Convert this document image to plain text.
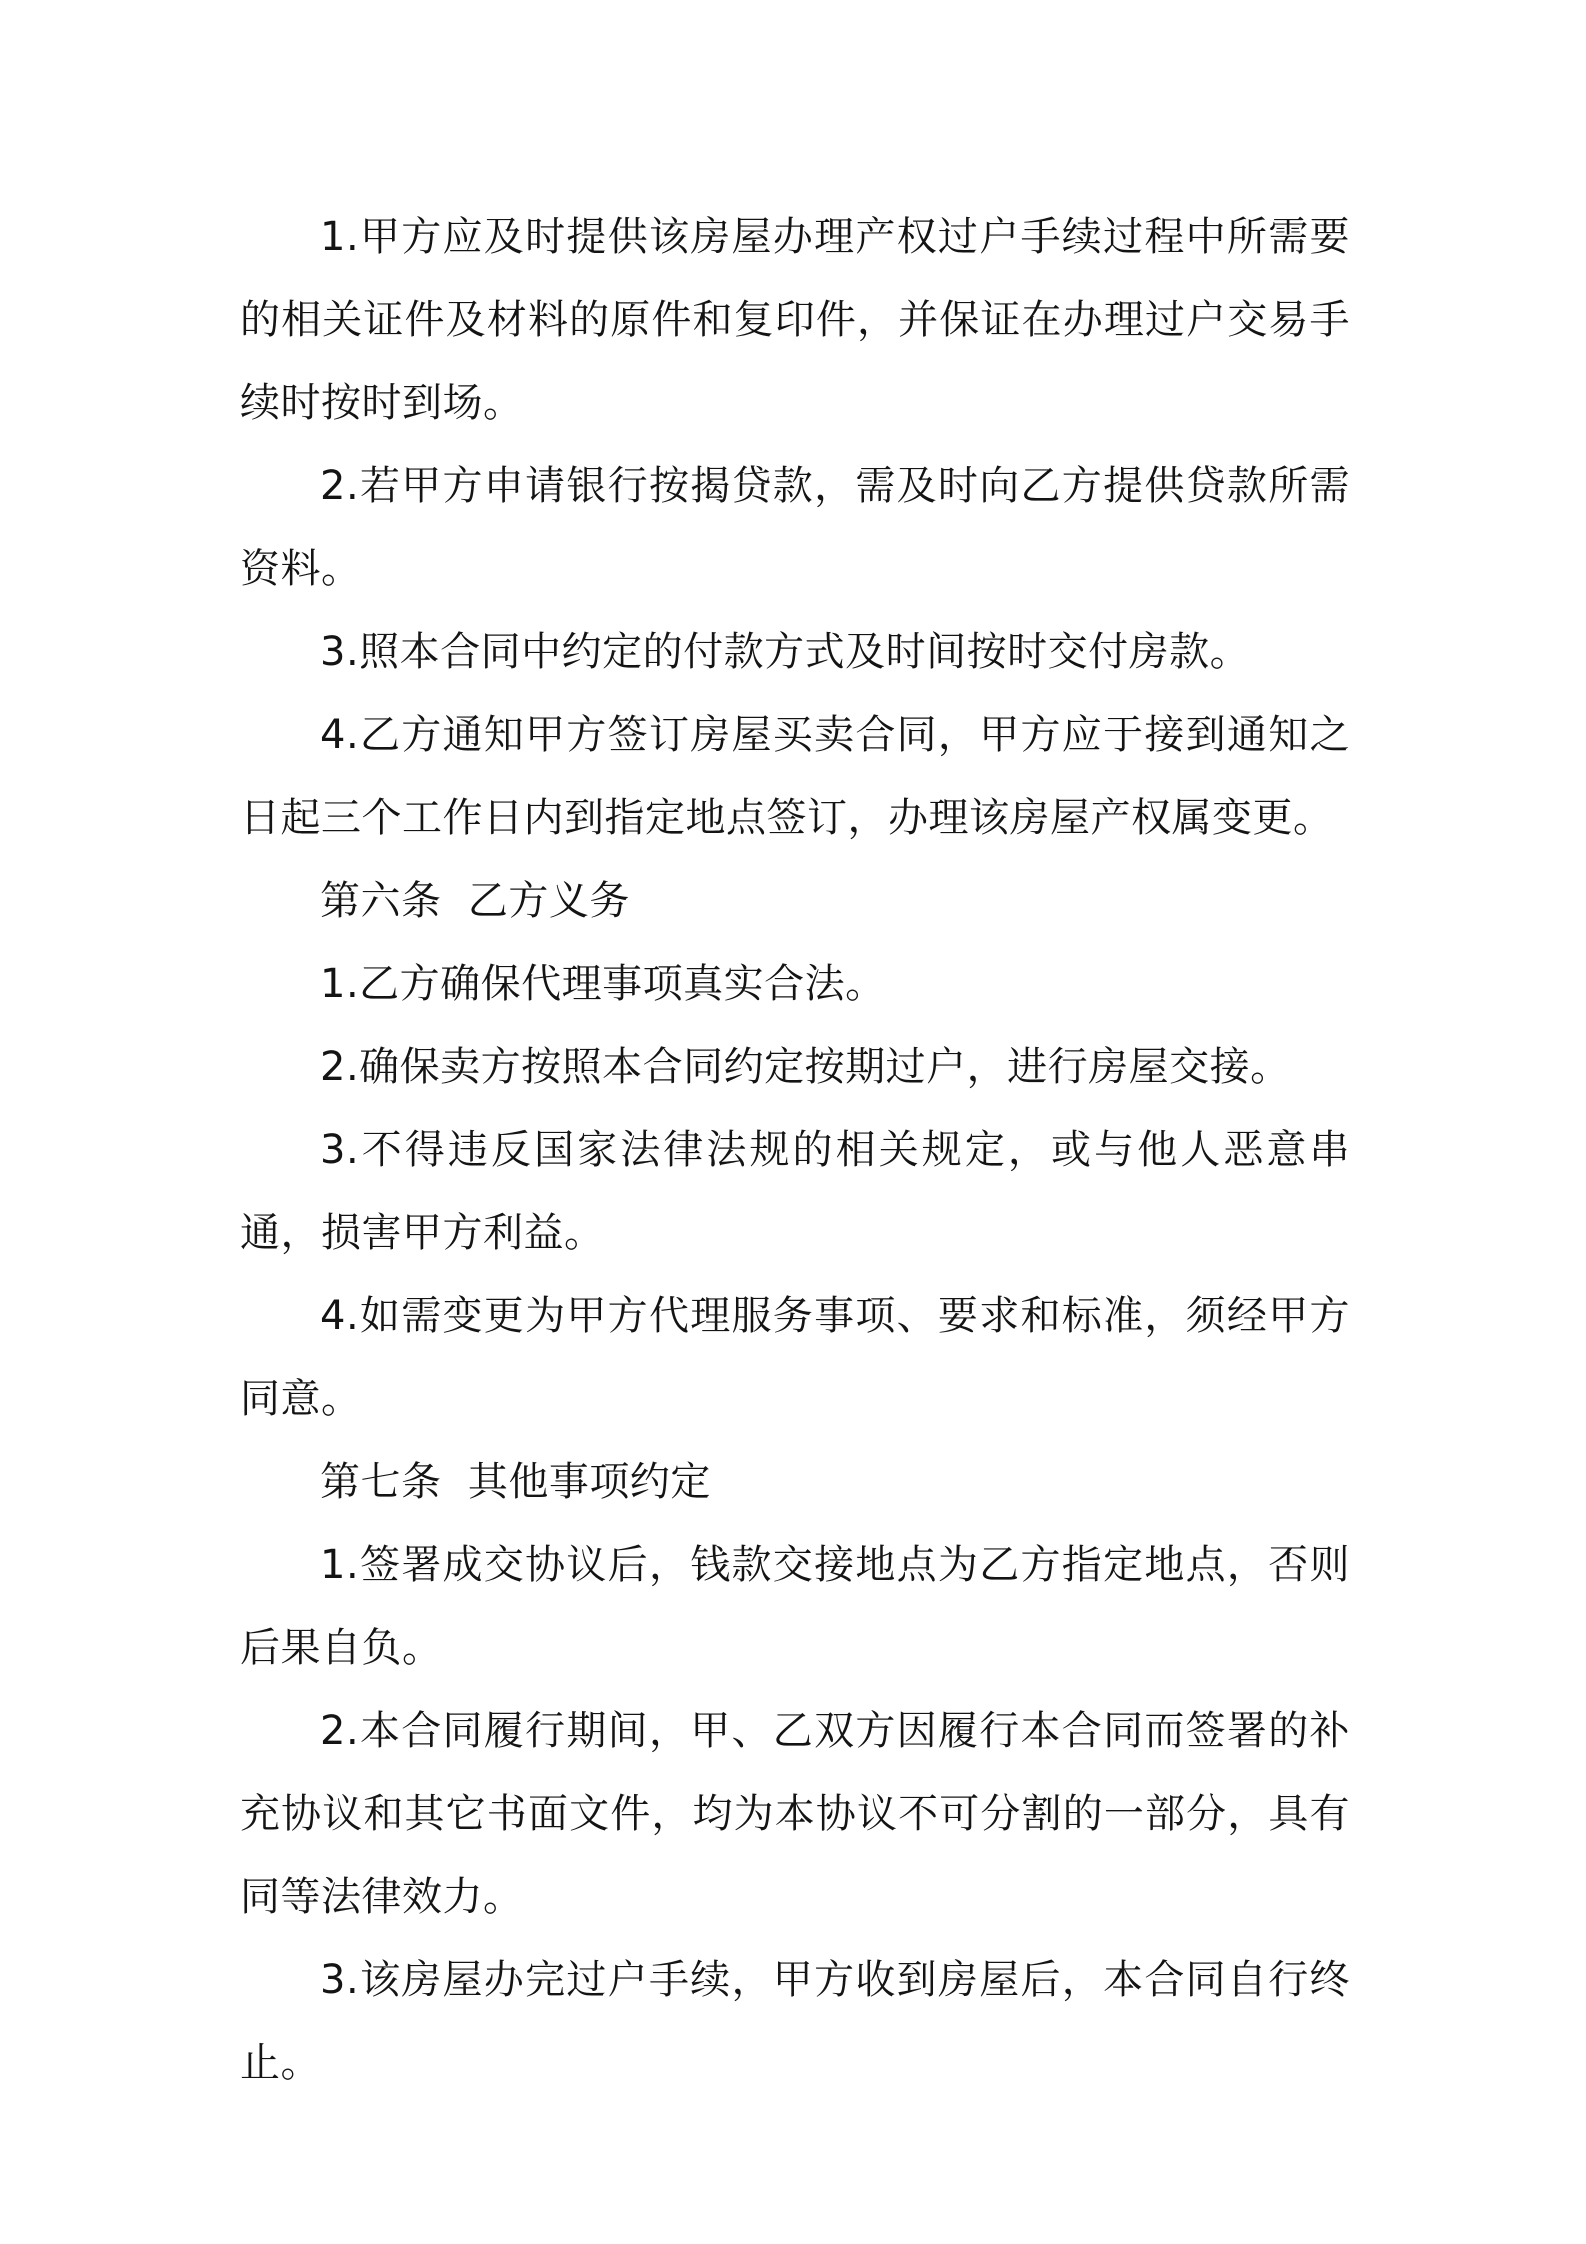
1.甲方应及时提供该房屋办理产权过户手续过程中所需要的相关证件及材料的原件和复印件，并保证在办理过户交易手续时按时到场。

2.若甲方申请银行按揭贷款，需及时向乙方提供贷款所需资料。

3.照本合同中约定的付款方式及时间按时交付房款。

4.乙方通知甲方签订房屋买卖合同，甲方应于接到通知之日起三个工作日内到指定地点签订，办理该房屋产权属变更。

第六条  乙方义务

1.乙方确保代理事项真实合法。

2.确保卖方按照本合同约定按期过户，进行房屋交接。

3.不得违反国家法律法规的相关规定，或与他人恶意串通，损害甲方利益。

4.如需变更为甲方代理服务事项、要求和标准，须经甲方同意。

第七条  其他事项约定

1.签署成交协议后，钱款交接地点为乙方指定地点，否则后果自负。

2.本合同履行期间，甲、乙双方因履行本合同而签署的补充协议和其它书面文件，均为本协议不可分割的一部分，具有同等法律效力。

3.该房屋办完过户手续，甲方收到房屋后，本合同自行终止。
